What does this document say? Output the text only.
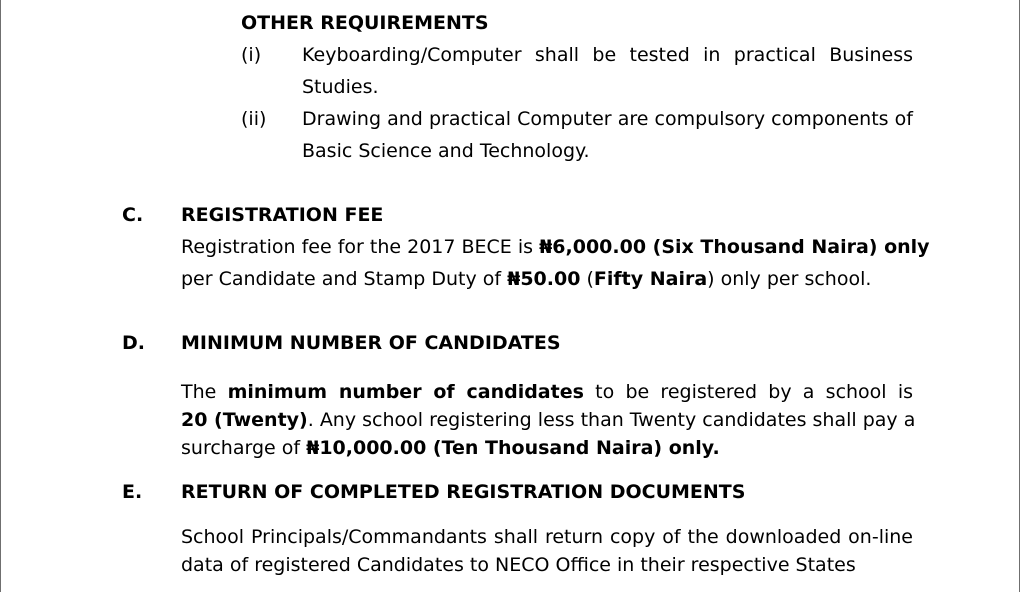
OTHER REQUIREMENTS
(i) Keyboarding/Computer shall be tested in practical Business
Studies.
(ii) Drawing and practical Computer are compulsory components of
Basic Science and Technology.
C. REGISTRATION FEE
Registration fee for the 2017 BECE is ₦6,000.00 (Six Thousand Naira) only
per Candidate and Stamp Duty of ₦50.00 (Fifty Naira) only per school.
D. MINIMUM NUMBER OF CANDIDATES
The minimum number of candidates to be registered by a school is
20 (Twenty). Any school registering less than Twenty candidates shall pay a
surcharge of ₦10,000.00 (Ten Thousand Naira) only.
E. RETURN OF COMPLETED REGISTRATION DOCUMENTS
School Principals/Commandants shall return copy of the downloaded on-line
data of registered Candidates to NECO Office in their respective States
